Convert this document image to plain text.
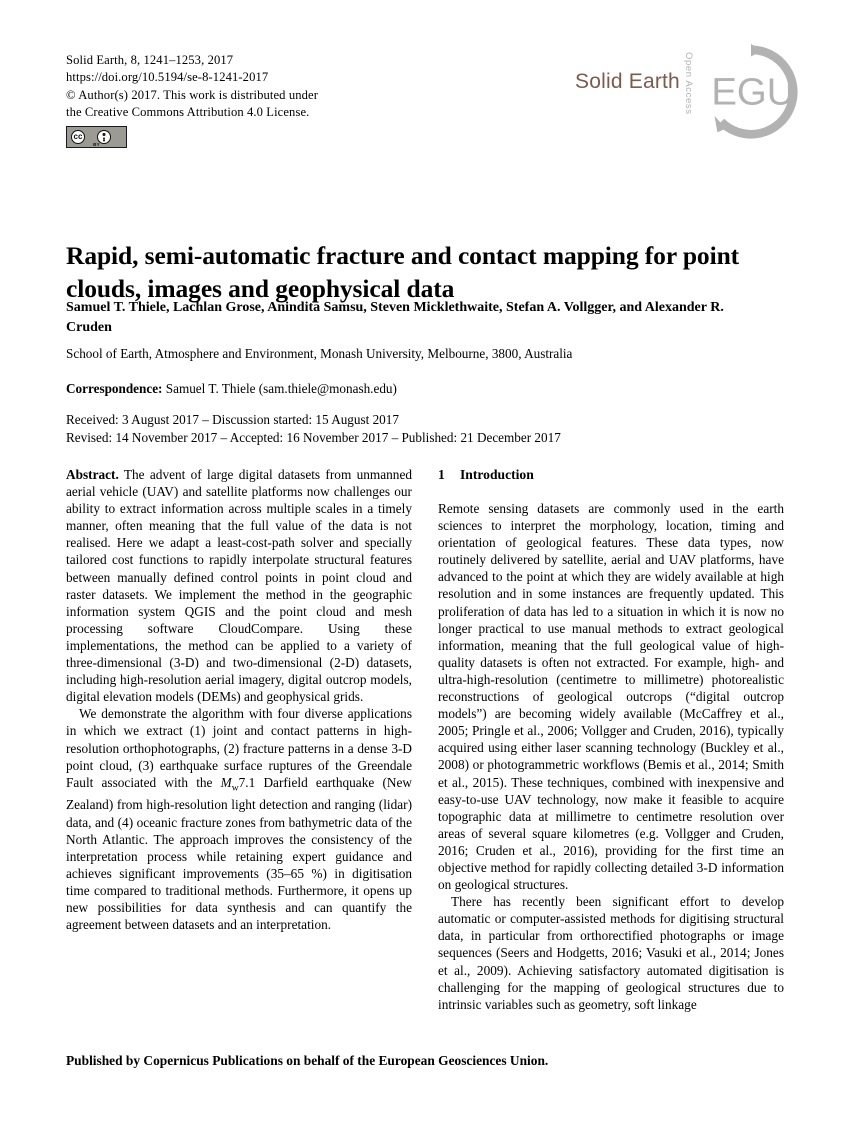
Solid Earth, 8, 1241–1253, 2017
https://doi.org/10.5194/se-8-1241-2017
© Author(s) 2017. This work is distributed under
the Creative Commons Attribution 4.0 License.
cc
BY
Solid Earth Open Access EGU
Rapid, semi-automatic fracture and contact mapping for point clouds, images and geophysical data
Samuel T. Thiele, Lachlan Grose, Anindita Samsu, Steven Micklethwaite, Stefan A. Vollgger, and Alexander R. Cruden
School of Earth, Atmosphere and Environment, Monash University, Melbourne, 3800, Australia
Correspondence: Samuel T. Thiele (sam.thiele@monash.edu)
Received: 3 August 2017 – Discussion started: 15 August 2017
Revised: 14 November 2017 – Accepted: 16 November 2017 – Published: 21 December 2017

Abstract. The advent of large digital datasets from unmanned aerial vehicle (UAV) and satellite platforms now challenges our ability to extract information across multiple scales in a timely manner, often meaning that the full value of the data is not realised. Here we adapt a least-cost-path solver and specially tailored cost functions to rapidly interpolate structural features between manually defined control points in point cloud and raster datasets. We implement the method in the geographic information system QGIS and the point cloud and mesh processing software CloudCompare. Using these implementations, the method can be applied to a variety of three-dimensional (3-D) and two-dimensional (2-D) datasets, including high-resolution aerial imagery, digital outcrop models, digital elevation models (DEMs) and geophysical grids.

We demonstrate the algorithm with four diverse applications in which we extract (1) joint and contact patterns in high-resolution orthophotographs, (2) fracture patterns in a dense 3-D point cloud, (3) earthquake surface ruptures of the Greendale Fault associated with the $M_w7.1$ Darfield earthquake (New Zealand) from high-resolution light detection and ranging (lidar) data, and (4) oceanic fracture zones from bathymetric data of the North Atlantic. The approach improves the consistency of the interpretation process while retaining expert guidance and achieves significant improvements (35–65 %) in digitisation time compared to traditional methods. Furthermore, it opens up new possibilities for data synthesis and can quantify the agreement between datasets and an interpretation.

1 Introduction

Remote sensing datasets are commonly used in the earth sciences to interpret the morphology, location, timing and orientation of geological features. These data types, now routinely delivered by satellite, aerial and UAV platforms, have advanced to the point at which they are widely available at high resolution and in some instances are frequently updated. This proliferation of data has led to a situation in which it is now no longer practical to use manual methods to extract geological information, meaning that the full geological value of high-quality datasets is often not extracted. For example, high- and ultra-high-resolution (centimetre to millimetre) photorealistic reconstructions of geological outcrops (“digital outcrop models”) are becoming widely available (McCaffrey et al., 2005; Pringle et al., 2006; Vollgger and Cruden, 2016), typically acquired using either laser scanning technology (Buckley et al., 2008) or photogrammetric workflows (Bemis et al., 2014; Smith et al., 2015). These techniques, combined with inexpensive and easy-to-use UAV technology, now make it feasible to acquire topographic data at millimetre to centimetre resolution over areas of several square kilometres (e.g. Vollgger and Cruden, 2016; Cruden et al., 2016), providing for the first time an objective method for rapidly collecting detailed 3-D information on geological structures.

There has recently been significant effort to develop automatic or computer-assisted methods for digitising structural data, in particular from orthorectified photographs or image sequences (Seers and Hodgetts, 2016; Vasuki et al., 2014; Jones et al., 2009). Achieving satisfactory automated digitisation is challenging for the mapping of geological structures due to intrinsic variables such as geometry, soft linkage

Published by Copernicus Publications on behalf of the European Geosciences Union.
